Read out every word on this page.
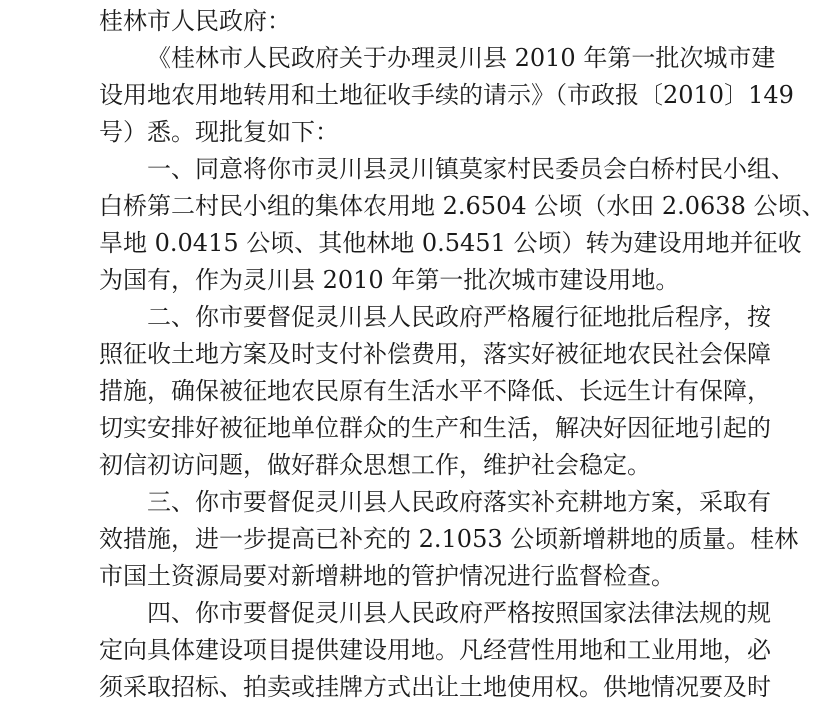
桂林市人民政府：
《桂林市人民政府关于办理灵川县 2010 年第一批次城市建
设用地农用地转用和土地征收手续的请示》（市政报〔2010〕149
号）悉。现批复如下：
一、同意将你市灵川县灵川镇莫家村民委员会白桥村民小组、
白桥第二村民小组的集体农用地 2.6504 公顷（水田 2.0638 公顷、
旱地 0.0415 公顷、其他林地 0.5451 公顷）转为建设用地并征收
为国有，作为灵川县 2010 年第一批次城市建设用地。
二、你市要督促灵川县人民政府严格履行征地批后程序，按
照征收土地方案及时支付补偿费用，落实好被征地农民社会保障
措施，确保被征地农民原有生活水平不降低、长远生计有保障，
切实安排好被征地单位群众的生产和生活，解决好因征地引起的
初信初访问题，做好群众思想工作，维护社会稳定。
三、你市要督促灵川县人民政府落实补充耕地方案，采取有
效措施，进一步提高已补充的 2.1053 公顷新增耕地的质量。桂林
市国土资源局要对新增耕地的管护情况进行监督检查。
四、你市要督促灵川县人民政府严格按照国家法律法规的规
定向具体建设项目提供建设用地。凡经营性用地和工业用地，必
须采取招标、拍卖或挂牌方式出让土地使用权。供地情况要及时
